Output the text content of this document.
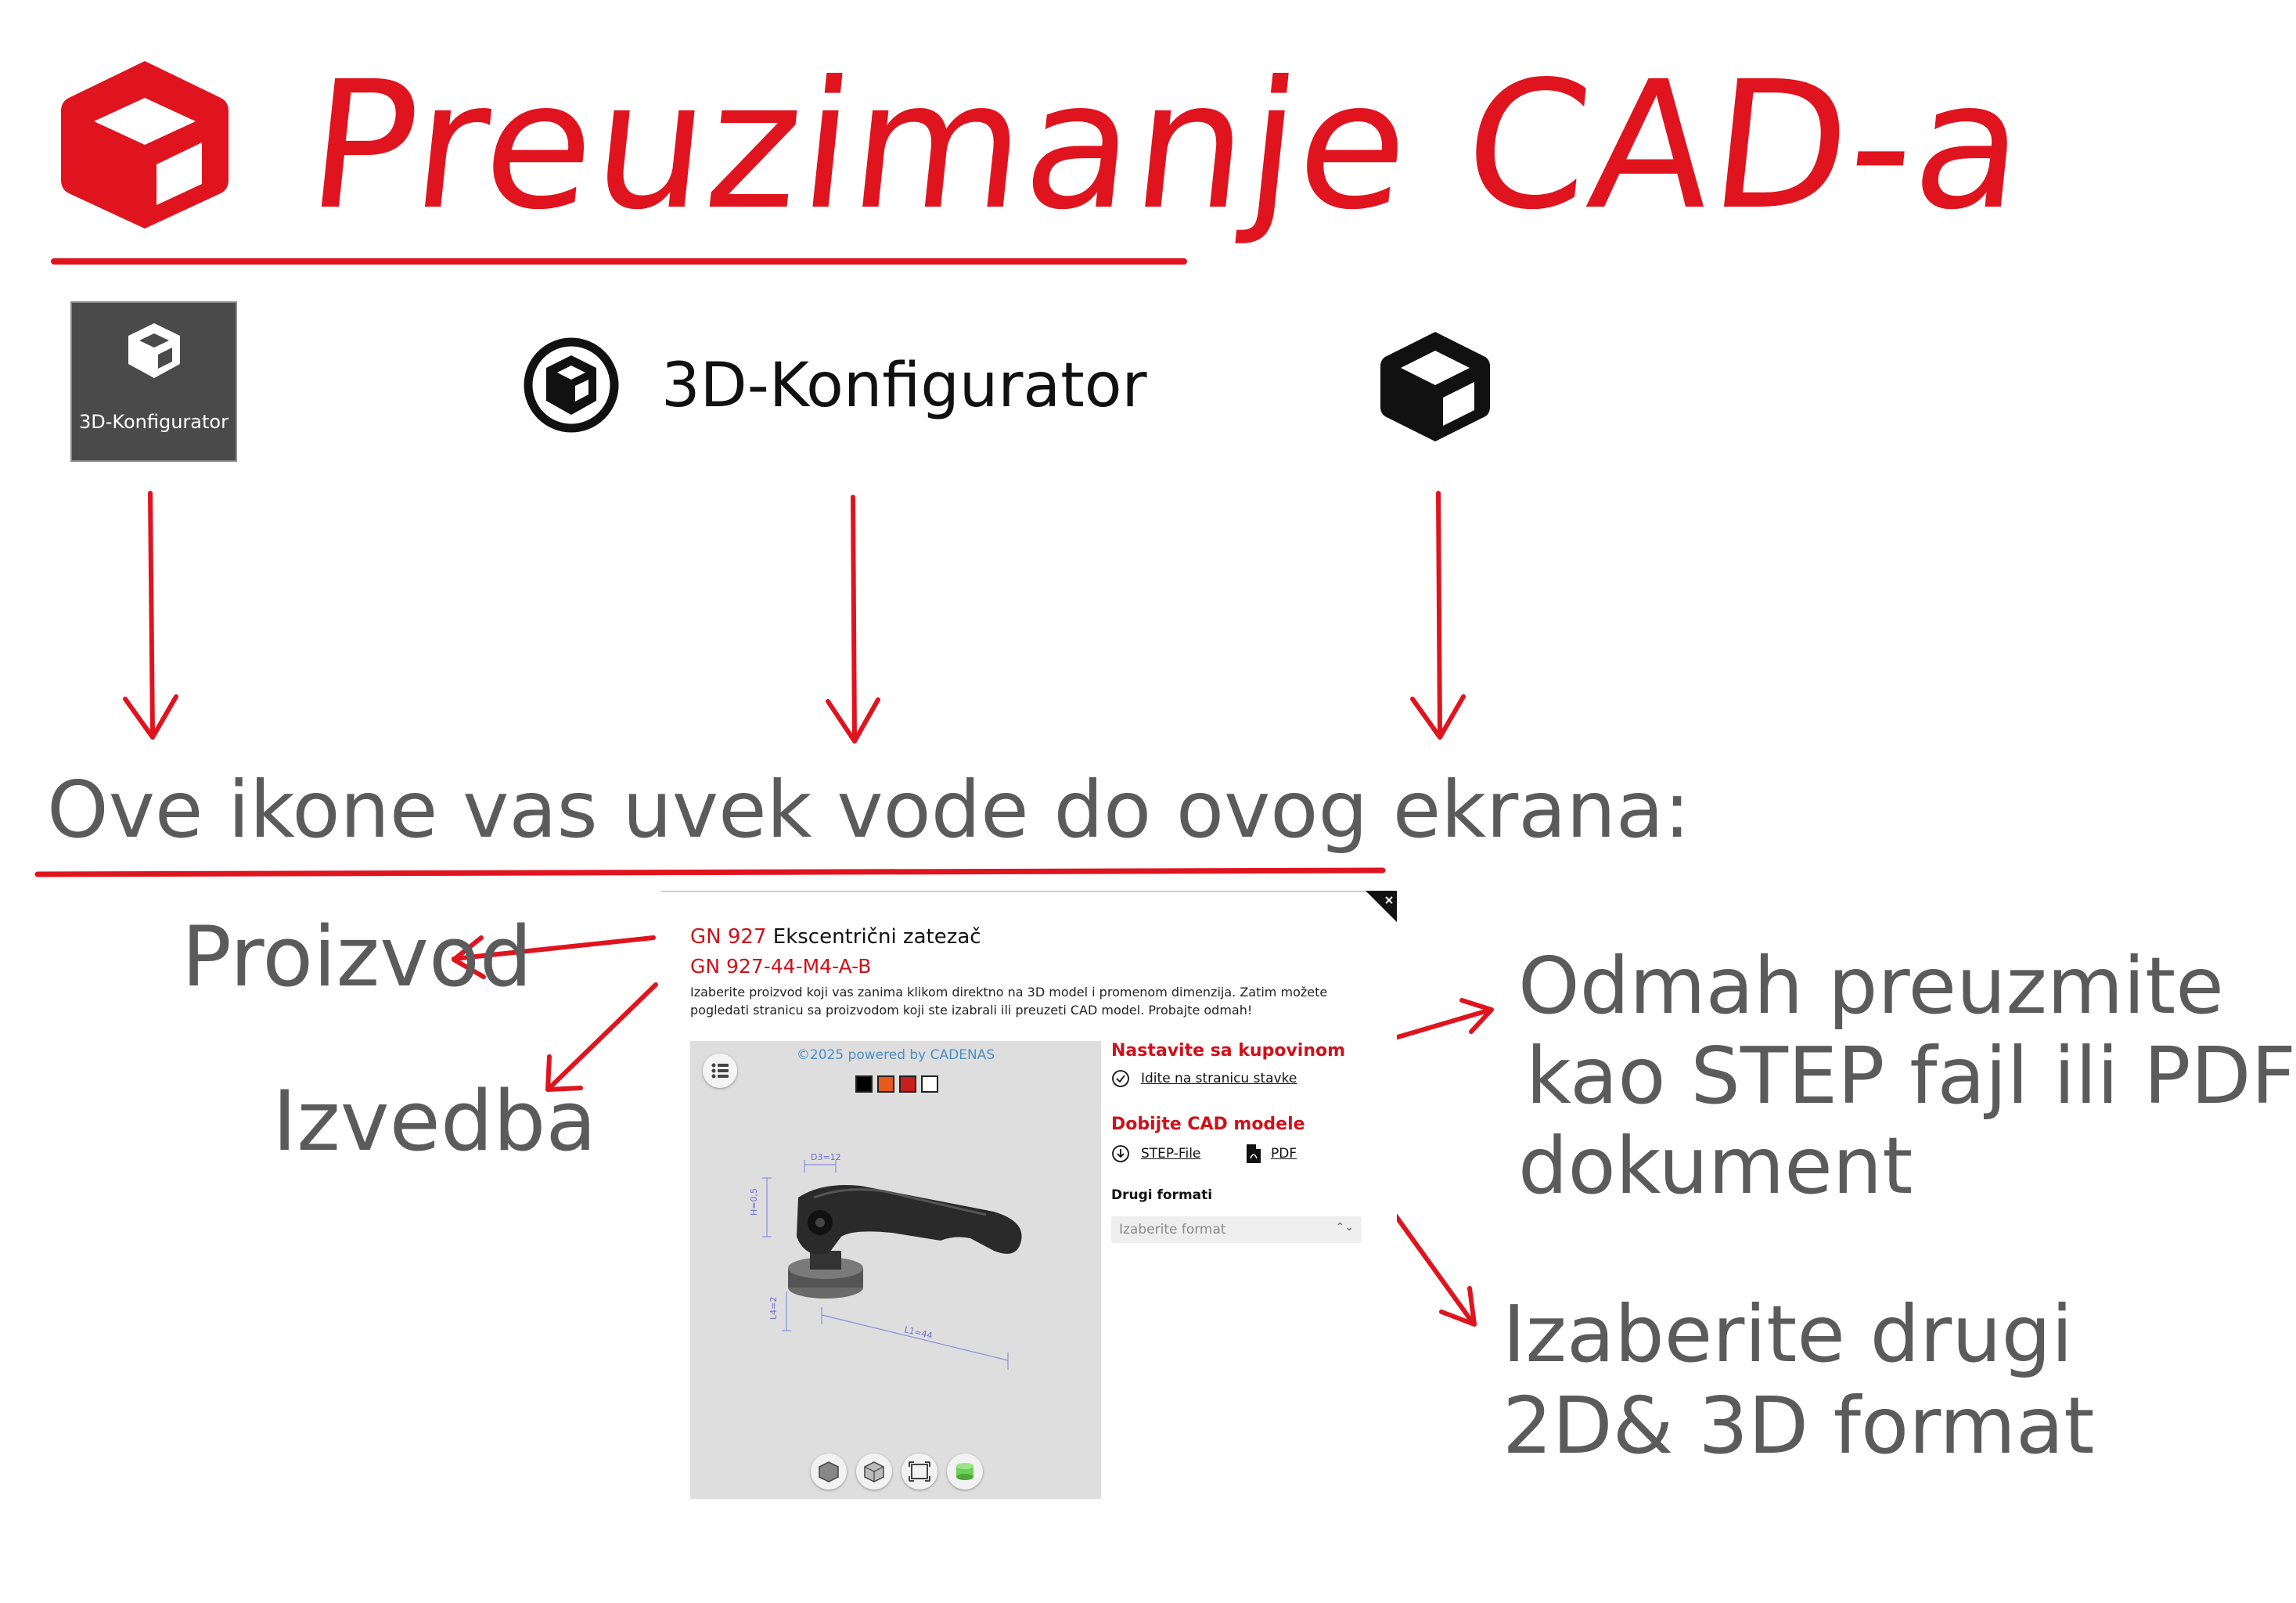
Preuzimanje CAD-a
3D-Konfigurator
3D-Konfigurator
Ove ikone vas uvek vode do ovog ekrana:
Proizvod
Izvedba
Odmah preuzmite
kao STEP fajl ili PDF
dokument
Izaberite drugi
2D& 3D format
GN 927 Ekscentrični zatezač
GN 927-44-M4-A-B
Izaberite proizvod koji vas zanima klikom direktno na 3D model i promenom dimenzija. Zatim možete pogledati stranicu sa proizvodom koji ste izabrali ili preuzeti CAD model. Probajte odmah!
©2025 powered by CADENAS
D3=12
H=0,5
L1=44
L4=2
Nastavite sa kupovinom
Idite na stranicu stavke
Dobijte CAD modele
STEP-File	PDF
Drugi formati
Izaberite format	⌃⌄
